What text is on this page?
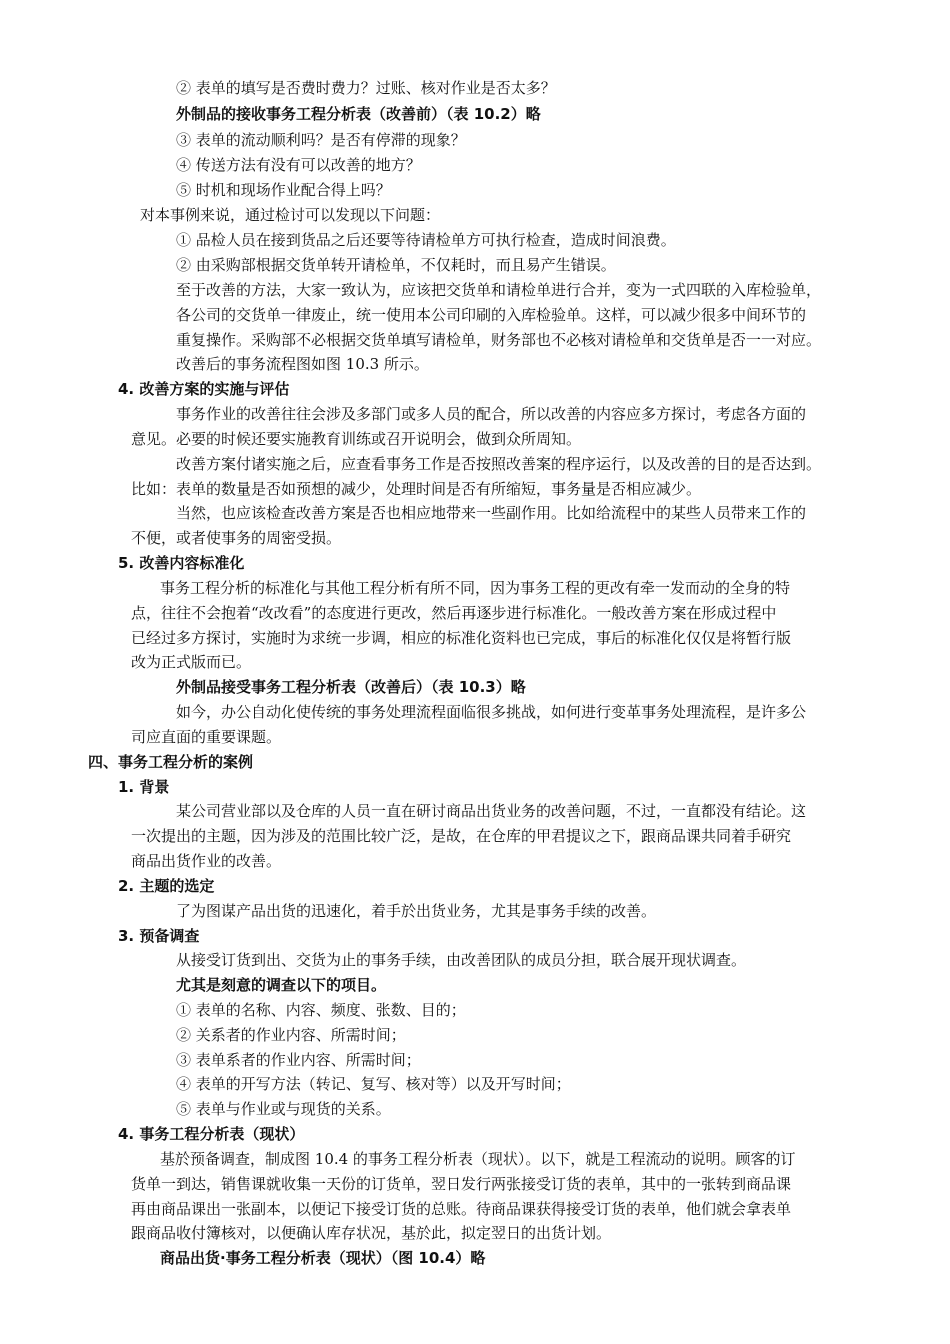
② 表单的填写是否费时费力？过账、核对作业是否太多？
外制品的接收事务工程分析表（改善前）（表 10.2）略
③ 表单的流动顺利吗？是否有停滞的现象？
④ 传送方法有没有可以改善的地方？
⑤ 时机和现场作业配合得上吗？
对本事例来说，通过检讨可以发现以下问题：
① 品检人员在接到货品之后还要等待请检单方可执行检查，造成时间浪费。
② 由采购部根据交货单转开请检单，不仅耗时，而且易产生错误。
至于改善的方法，大家一致认为，应该把交货单和请检单进行合并，变为一式四联的入库检验单，
各公司的交货单一律废止，统一使用本公司印刷的入库检验单。这样，可以减少很多中间环节的
重复操作。采购部不必根据交货单填写请检单，财务部也不必核对请检单和交货单是否一一对应。
改善后的事务流程图如图 10.3 所示。
4. 改善方案的实施与评估
事务作业的改善往往会涉及多部门或多人员的配合，所以改善的内容应多方探讨，考虑各方面的
意见。必要的时候还要实施教育训练或召开说明会，做到众所周知。
改善方案付诸实施之后，应查看事务工作是否按照改善案的程序运行，以及改善的目的是否达到。
比如：表单的数量是否如预想的减少，处理时间是否有所缩短，事务量是否相应减少。
当然，也应该检查改善方案是否也相应地带来一些副作用。比如给流程中的某些人员带来工作的
不便，或者使事务的周密受损。
5. 改善内容标准化
事务工程分析的标准化与其他工程分析有所不同，因为事务工程的更改有牵一发而动的全身的特
点，往往不会抱着“改改看”的态度进行更改，然后再逐步进行标准化。一般改善方案在形成过程中
已经过多方探讨，实施时为求统一步调，相应的标准化资料也已完成，事后的标准化仅仅是将暂行版
改为正式版而已。
外制品接受事务工程分析表（改善后）（表 10.3）略
如今，办公自动化使传统的事务处理流程面临很多挑战，如何进行变革事务处理流程，是许多公
司应直面的重要课题。
四、事务工程分析的案例
1. 背景
某公司营业部以及仓库的人员一直在研讨商品出货业务的改善问题，不过，一直都没有结论。这
一次提出的主题，因为涉及的范围比较广泛，是故，在仓库的甲君提议之下，跟商品课共同着手研究
商品出货作业的改善。
2. 主题的选定
了为图谋产品出货的迅速化，着手於出货业务，尤其是事务手续的改善。
3. 预备调查
从接受订货到出、交货为止的事务手续，由改善团队的成员分担，联合展开现状调查。
尤其是刻意的调查以下的项目。
① 表单的名称、内容、频度、张数、目的；
② 关系者的作业内容、所需时间；
③ 表单系者的作业内容、所需时间；
④ 表单的开写方法（转记、复写、核对等）以及开写时间；
⑤ 表单与作业或与现货的关系。
4. 事务工程分析表（现状）
基於预备调查，制成图 10.4 的事务工程分析表（现状）。以下，就是工程流动的说明。顾客的订
货单一到达，销售课就收集一天份的订货单，翌日发行两张接受订货的表单，其中的一张转到商品课
再由商品课出一张副本，以便记下接受订货的总账。待商品课获得接受订货的表单，他们就会拿表单
跟商品收付簿核对，以便确认库存状况，基於此，拟定翌日的出货计划。
商品出货·事务工程分析表（现状）（图 10.4）略
